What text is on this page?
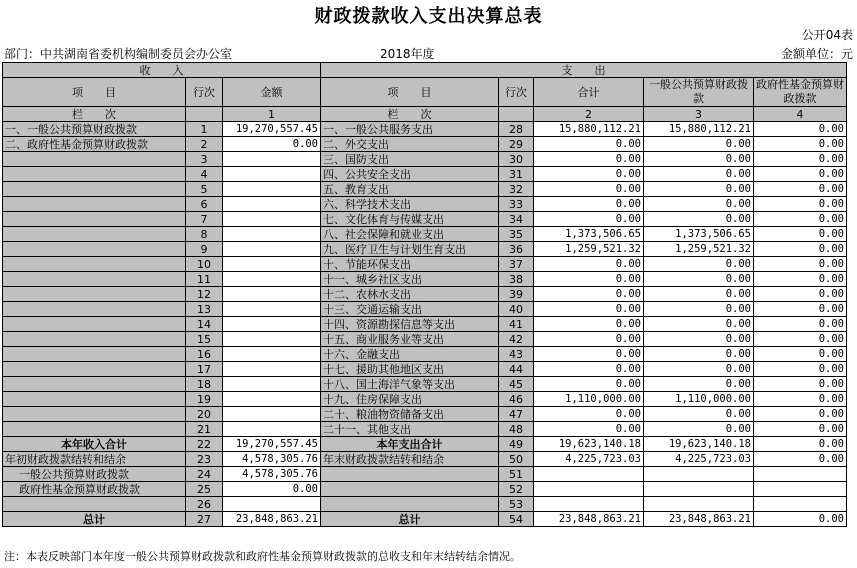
财政拨款收入支出决算总表
公开04表
部门：中共湖南省委机构编制委员会办公室	2018年度	金额单位：元
收　　入			支　　出				
项　　目	行次	金额	项　　目	行次	合计	一般公共预算财政拨款	政府性基金预算财政拨款
栏　　次		1	栏　　次		2	3	4
一、一般公共预算财政拨款	1	19,270,557.45	一、一般公共服务支出	28	15,880,112.21	15,880,112.21	0.00
二、政府性基金预算财政拨款	2	0.00	二、外交支出	29	0.00	0.00	0.00
	3		三、国防支出	30	0.00	0.00	0.00
	4		四、公共安全支出	31	0.00	0.00	0.00
	5		五、教育支出	32	0.00	0.00	0.00
	6		六、科学技术支出	33	0.00	0.00	0.00
	7		七、文化体育与传媒支出	34	0.00	0.00	0.00
	8		八、社会保障和就业支出	35	1,373,506.65	1,373,506.65	0.00
	9		九、医疗卫生与计划生育支出	36	1,259,521.32	1,259,521.32	0.00
	10		十、节能环保支出	37	0.00	0.00	0.00
	11		十一、城乡社区支出	38	0.00	0.00	0.00
	12		十二、农林水支出	39	0.00	0.00	0.00
	13		十三、交通运输支出	40	0.00	0.00	0.00
	14		十四、资源勘探信息等支出	41	0.00	0.00	0.00
	15		十五、商业服务业等支出	42	0.00	0.00	0.00
	16		十六、金融支出	43	0.00	0.00	0.00
	17		十七、援助其他地区支出	44	0.00	0.00	0.00
	18		十八、国土海洋气象等支出	45	0.00	0.00	0.00
	19		十九、住房保障支出	46	1,110,000.00	1,110,000.00	0.00
	20		二十、粮油物资储备支出	47	0.00	0.00	0.00
	21		二十一、其他支出	48	0.00	0.00	0.00
本年收入合计	22	19,270,557.45	本年支出合计	49	19,623,140.18	19,623,140.18	0.00
年初财政拨款结转和结余	23	4,578,305.76	年末财政拨款结转和结余	50	4,225,723.03	4,225,723.03	0.00
一般公共预算财政拨款	24	4,578,305.76		51			
政府性基金预算财政拨款	25	0.00		52			
	26			53			
总计	27	23,848,863.21	总计	54	23,848,863.21	23,848,863.21	0.00
注：本表反映部门本年度一般公共预算财政拨款和政府性基金预算财政拨款的总收支和年末结转结余情况。
